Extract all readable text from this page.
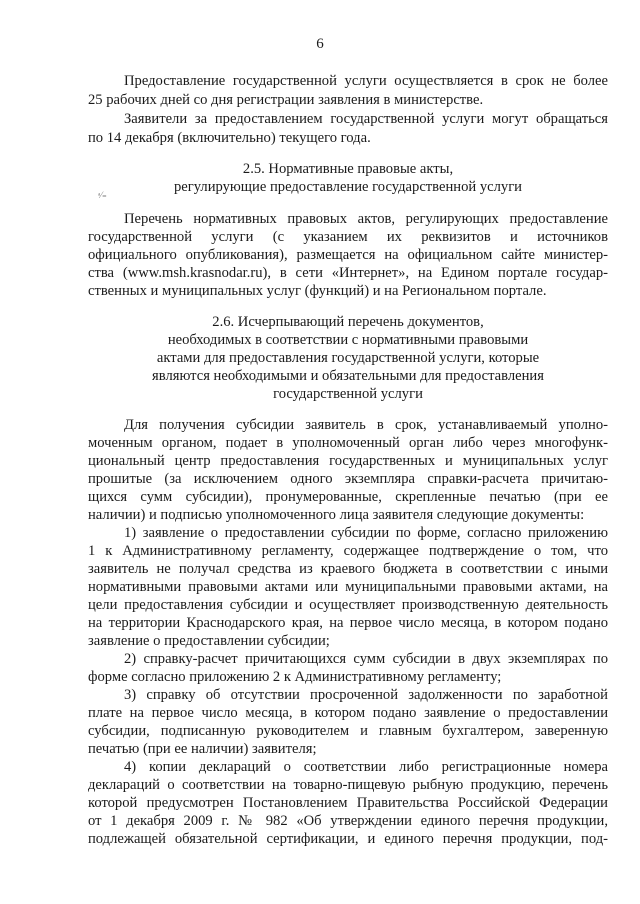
6
Предоставление государственной услуги осуществляется в срок не более
25 рабочих дней со дня регистрации заявления в министерстве.
Заявители за предоставлением государственной услуги могут обращаться
по 14 декабря (включительно) текущего года.
2.5. Нормативные правовые акты,
регулирующие предоставление государственной услуги
ᵃ⁄₌
Перечень нормативных правовых актов, регулирующих предоставление
государственной услуги (с указанием их реквизитов и источников
официального опубликования), размещается на официальном сайте министер-
ства (www.msh.krasnodar.ru), в сети «Интернет», на Едином портале государ-
ственных и муниципальных услуг (функций) и на Региональном портале.
2.6. Исчерпывающий перечень документов,
необходимых в соответствии с нормативными правовыми
актами для предоставления государственной услуги, которые
являются необходимыми и обязательными для предоставления
государственной услуги
Для получения субсидии заявитель в срок, устанавливаемый уполно-
моченным органом, подает в уполномоченный орган либо через многофунк-
циональный центр предоставления государственных и муниципальных услуг
прошитые (за исключением одного экземпляра справки-расчета причитаю-
щихся сумм субсидии), пронумерованные, скрепленные печатью (при ее
наличии) и подписью уполномоченного лица заявителя следующие документы:
1) заявление о предоставлении субсидии по форме, согласно приложению
1 к Административному регламенту, содержащее подтверждение о том, что
заявитель не получал средства из краевого бюджета в соответствии с иными
нормативными правовыми актами или муниципальными правовыми актами, на
цели предоставления субсидии и осуществляет производственную деятельность
на территории Краснодарского края, на первое число месяца, в котором подано
заявление о предоставлении субсидии;
2) справку-расчет причитающихся сумм субсидии в двух экземплярах по
форме согласно приложению 2 к Административному регламенту;
3) справку об отсутствии просроченной задолженности по заработной
плате на первое число месяца, в котором подано заявление о предоставлении
субсидии, подписанную руководителем и главным бухгалтером, заверенную
печатью (при ее наличии) заявителя;
4) копии деклараций о соответствии либо регистрационные номера
деклараций о соответствии на товарно-пищевую рыбную продукцию, перечень
которой предусмотрен Постановлением Правительства Российской Федерации
от 1 декабря 2009 г. № 982 «Об утверждении единого перечня продукции,
подлежащей обязательной сертификации, и единого перечня продукции, под-
